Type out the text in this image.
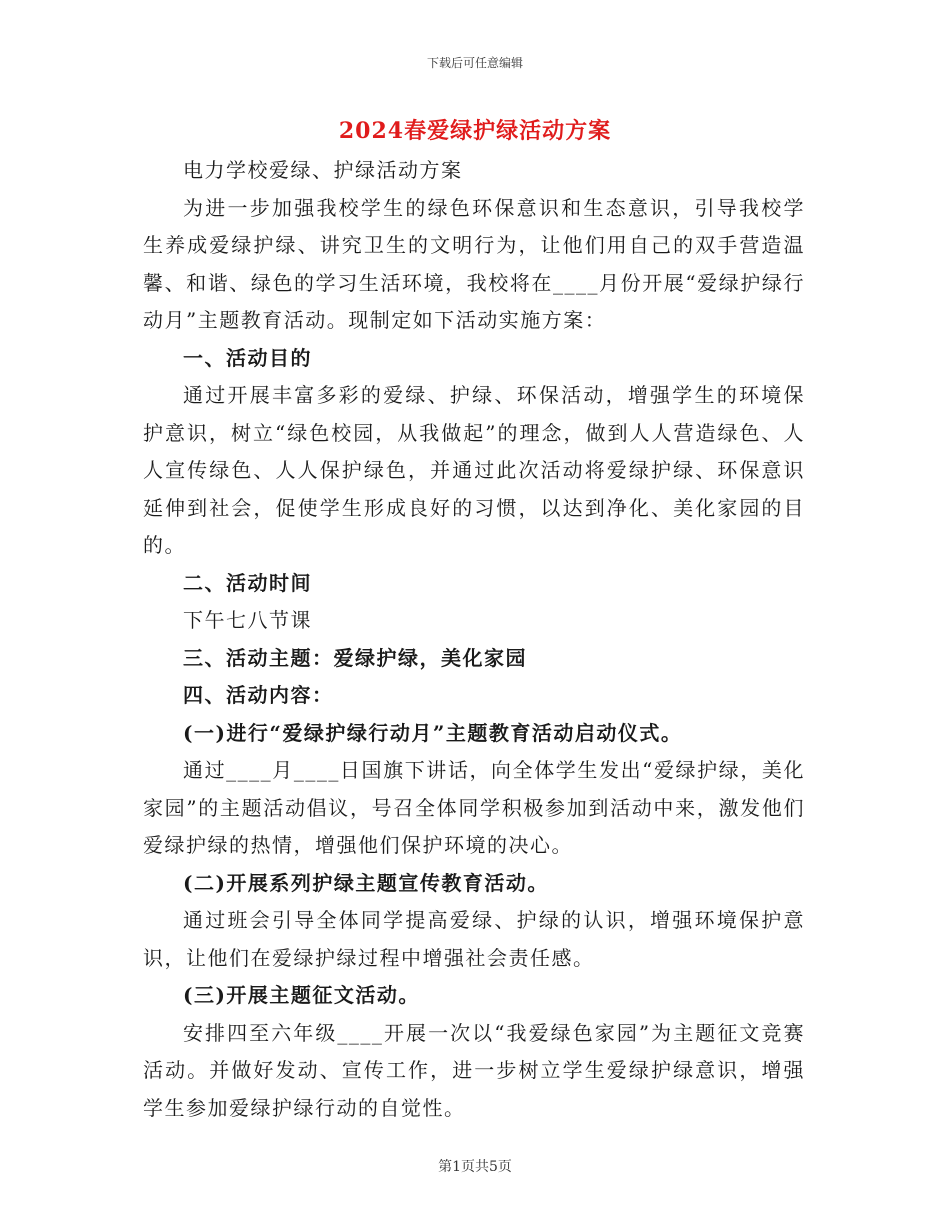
下载后可任意编辑
2024春爱绿护绿活动方案

电力学校爱绿、护绿活动方案

为进一步加强我校学生的绿色环保意识和生态意识，引导我校学生养成爱绿护绿、讲究卫生的文明行为，让他们用自己的双手营造温馨、和谐、绿色的学习生活环境，我校将在____月份开展“爱绿护绿行动月”主题教育活动。现制定如下活动实施方案：

一、活动目的

通过开展丰富多彩的爱绿、护绿、环保活动，增强学生的环境保护意识，树立“绿色校园，从我做起”的理念，做到人人营造绿色、人人宣传绿色、人人保护绿色，并通过此次活动将爱绿护绿、环保意识延伸到社会，促使学生形成良好的习惯，以达到净化、美化家园的目的。

二、活动时间

下午七八节课

三、活动主题：爱绿护绿，美化家园

四、活动内容：

(一)进行“爱绿护绿行动月”主题教育活动启动仪式。

通过____月____日国旗下讲话，向全体学生发出“爱绿护绿，美化家园”的主题活动倡议，号召全体同学积极参加到活动中来，激发他们爱绿护绿的热情，增强他们保护环境的决心。

(二)开展系列护绿主题宣传教育活动。

通过班会引导全体同学提高爱绿、护绿的认识，增强环境保护意识，让他们在爱绿护绿过程中增强社会责任感。

(三)开展主题征文活动。

安排四至六年级____开展一次以“我爱绿色家园”为主题征文竞赛活动。并做好发动、宣传工作，进一步树立学生爱绿护绿意识，增强学生参加爱绿护绿行动的自觉性。

第1页共5页
